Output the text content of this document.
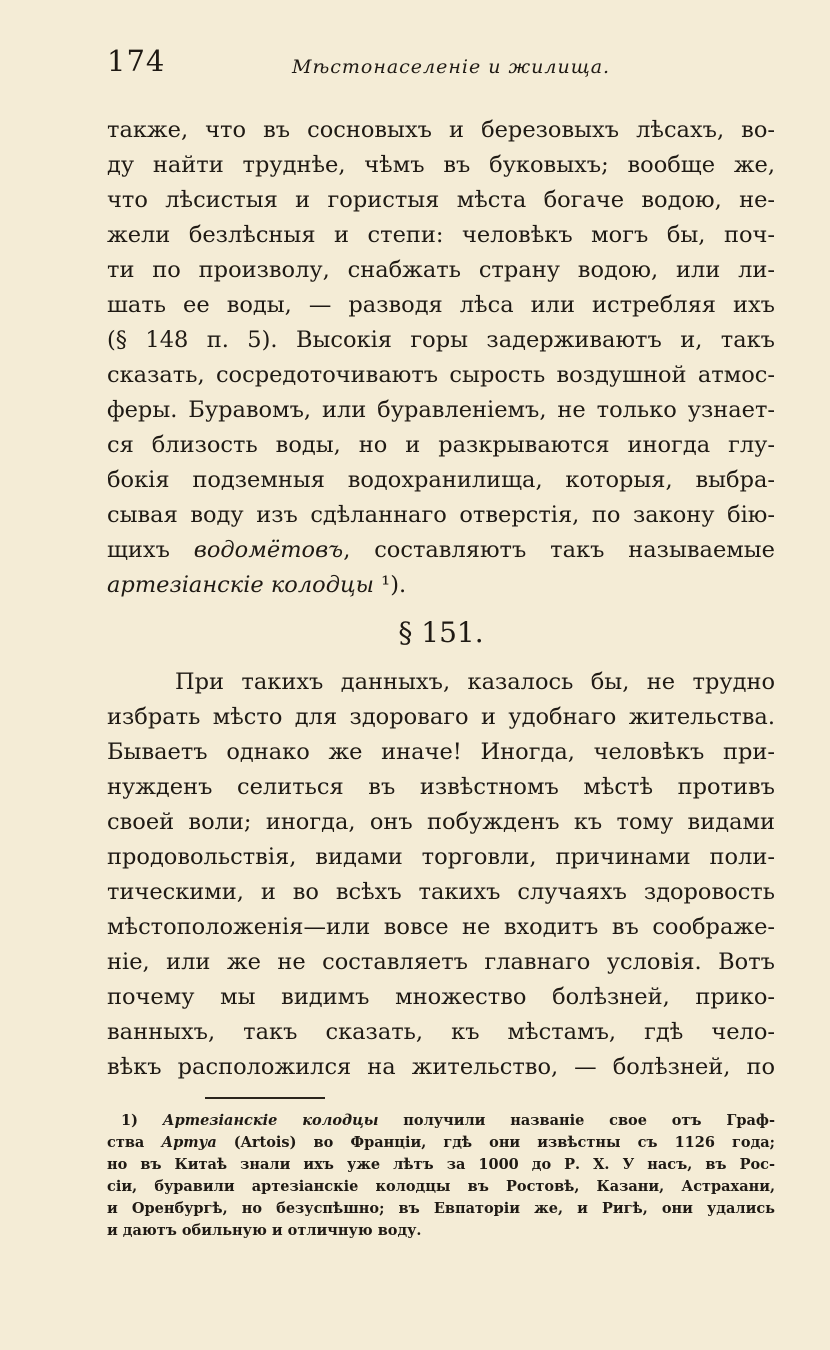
174	Мѣстонаселеніе и жилища.
также, что въ сосновыхъ и березовыхъ лѣсахъ, во-
ду найти труднѣе, чѣмъ въ буковыхъ; вообще же,
что лѣсистыя и гористыя мѣста богаче водою, не-
жели безлѣсныя и степи: человѣкъ могъ бы, поч-
ти по произволу, снабжать страну водою, или ли-
шать ее воды, — разводя лѣса или истребляя ихъ
(§ 148 п. 5). Высокія горы задерживаютъ и, такъ
сказать, сосредоточиваютъ сырость воздушной атмос-
феры. Буравомъ, или буравленіемъ, не только узнает-
ся близость воды, но и разкрываются иногда глу-
бокія подземныя водохранилища, которыя, выбра-
сывая воду изъ сдѣланнаго отверстія, по закону бію-
щихъ водомётовъ, составляютъ такъ называемые
артезіанскіе колодцы ¹).
§ 151.
При такихъ данныхъ, казалось бы, не трудно
избрать мѣсто для здороваго и удобнаго жительства.
Бываетъ однако же иначе! Иногда, человѣкъ при-
нужденъ селиться въ извѣстномъ мѣстѣ противъ
своей воли; иногда, онъ побужденъ къ тому видами
продовольствія, видами торговли, причинами поли-
тическими, и во всѣхъ такихъ случаяхъ здоровость
мѣстоположенія—или вовсе не входитъ въ соображе-
ніе, или же не составляетъ главнаго условія. Вотъ
почему мы видимъ множество болѣзней, прико-
ванныхъ, такъ сказать, къ мѣстамъ, гдѣ чело-
вѣкъ расположился на жительство, — болѣзней, по
1) Артезіанскіе колодцы получили названіе свое отъ Граф-
ства Артуа (Artois) во Франціи, гдѣ они извѣстны съ 1126 года;
но въ Китаѣ знали ихъ уже лѣтъ за 1000 до Р. Х. У насъ, въ Рос-
сіи, буравили артезіанскіе колодцы въ Ростовѣ, Казани, Астрахани,
и Оренбургѣ, но безуспѣшно; въ Евпаторіи же, и Ригѣ, они удались
и даютъ обильную и отличную воду.
